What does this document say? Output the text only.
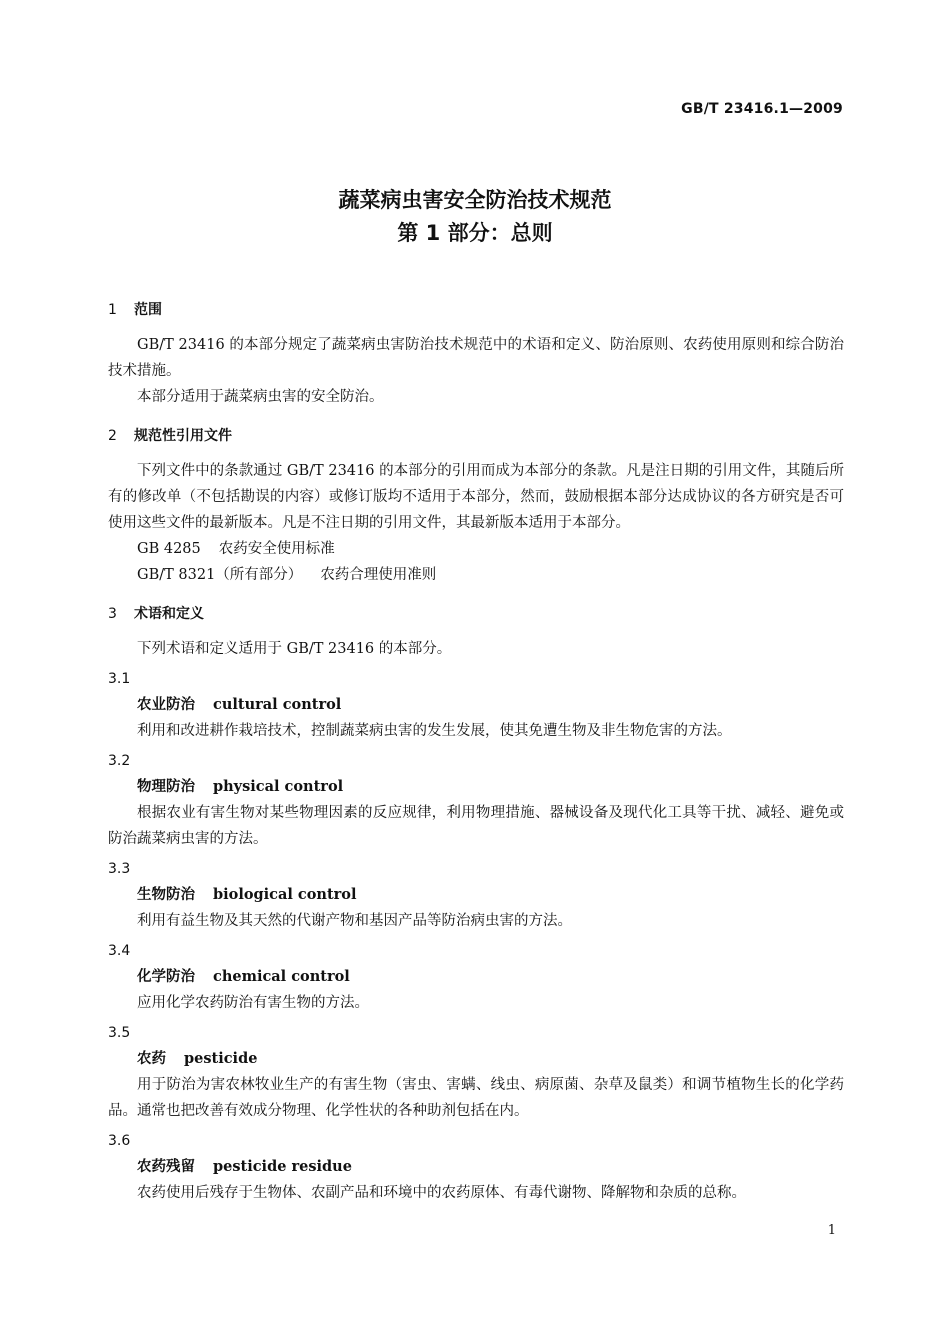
GB/T 23416.1—2009
蔬菜病虫害安全防治技术规范
第 1 部分：总则
1 范围

GB/T 23416 的本部分规定了蔬菜病虫害防治技术规范中的术语和定义、防治原则、农药使用原则和综合防治技术措施。

本部分适用于蔬菜病虫害的安全防治。

2 规范性引用文件

下列文件中的条款通过 GB/T 23416 的本部分的引用而成为本部分的条款。凡是注日期的引用文件，其随后所有的修改单（不包括勘误的内容）或修订版均不适用于本部分，然而，鼓励根据本部分达成协议的各方研究是否可使用这些文件的最新版本。凡是不注日期的引用文件，其最新版本适用于本部分。

GB 4285 农药安全使用标准
GB/T 8321（所有部分） 农药合理使用准则
3 术语和定义

下列术语和定义适用于 GB/T 23416 的本部分。

3.1
农业防治 cultural control

利用和改进耕作栽培技术，控制蔬菜病虫害的发生发展，使其免遭生物及非生物危害的方法。

3.2
物理防治 physical control

根据农业有害生物对某些物理因素的反应规律，利用物理措施、器械设备及现代化工具等干扰、减轻、避免或防治蔬菜病虫害的方法。

3.3
生物防治 biological control

利用有益生物及其天然的代谢产物和基因产品等防治病虫害的方法。

3.4
化学防治 chemical control

应用化学农药防治有害生物的方法。

3.5
农药 pesticide

用于防治为害农林牧业生产的有害生物（害虫、害螨、线虫、病原菌、杂草及鼠类）和调节植物生长的化学药品。通常也把改善有效成分物理、化学性状的各种助剂包括在内。

3.6
农药残留 pesticide residue

农药使用后残存于生物体、农副产品和环境中的农药原体、有毒代谢物、降解物和杂质的总称。

1
